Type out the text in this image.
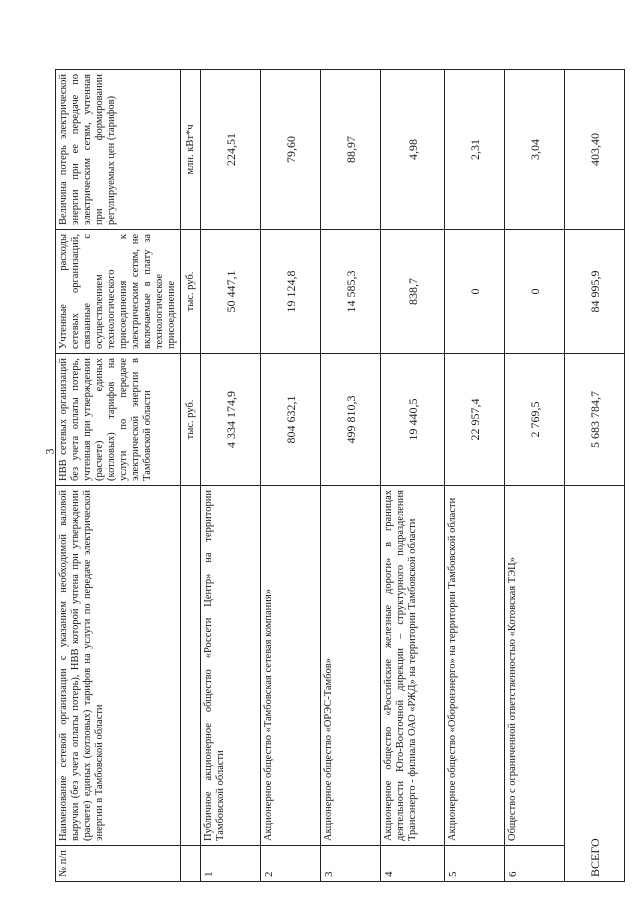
3
№ п/п	Наименование сетевой организации с указанием необходимой валовой выручки (без учета оплаты потерь), НВВ которой учтена при утверждении (расчете) единых (котловых) тарифов на услуги по передаче электрической энергии в Тамбовской области	НВВ сетевых организаций без учета оплаты потерь, учтенная при утверждении (расчете) единых (котловых) тарифов на услуги по передаче электрической энергии в Тамбовской области	Учтенные расходы сетевых организаций, связанные с осуществлением технологического присоединения к электрическим сетям, не включаемые в плату за технологическое присоединение	Величина потерь электрической энергии при ее передаче по электрическим сетям, учтенная при формировании регулируемых цен (тарифов)
		тыс. руб.	тыс. руб.	млн. кВт*ч
1	Публичное акционерное общество «Россети Центр» на территории Тамбовской области	4 334 174,9	50 447,1	224,51
2	Акционерное общество «Тамбовская сетевая компания»	804 632,1	19 124,8	79,60
3	Акционерное общество «ОРЭС-Тамбов»	499 810,3	14 585,3	88,97
4	Акционерное общество «Российские железные дороги» в границах деятельности Юго-Восточной дирекции – структурного подразделения Трансэнерго - филиала ОАО «РЖД» на территории Тамбовской области	19 440,5	838,7	4,98
5	Акционерное общество «Оборонэнерго» на территории Тамбовской области	22 957,4	0	2,31
6	Общество с ограниченной ответственностью «Котовская ТЭЦ»	2 769,5	0	3,04
ВСЕГО		5 683 784,7	84 995,9	403,40
